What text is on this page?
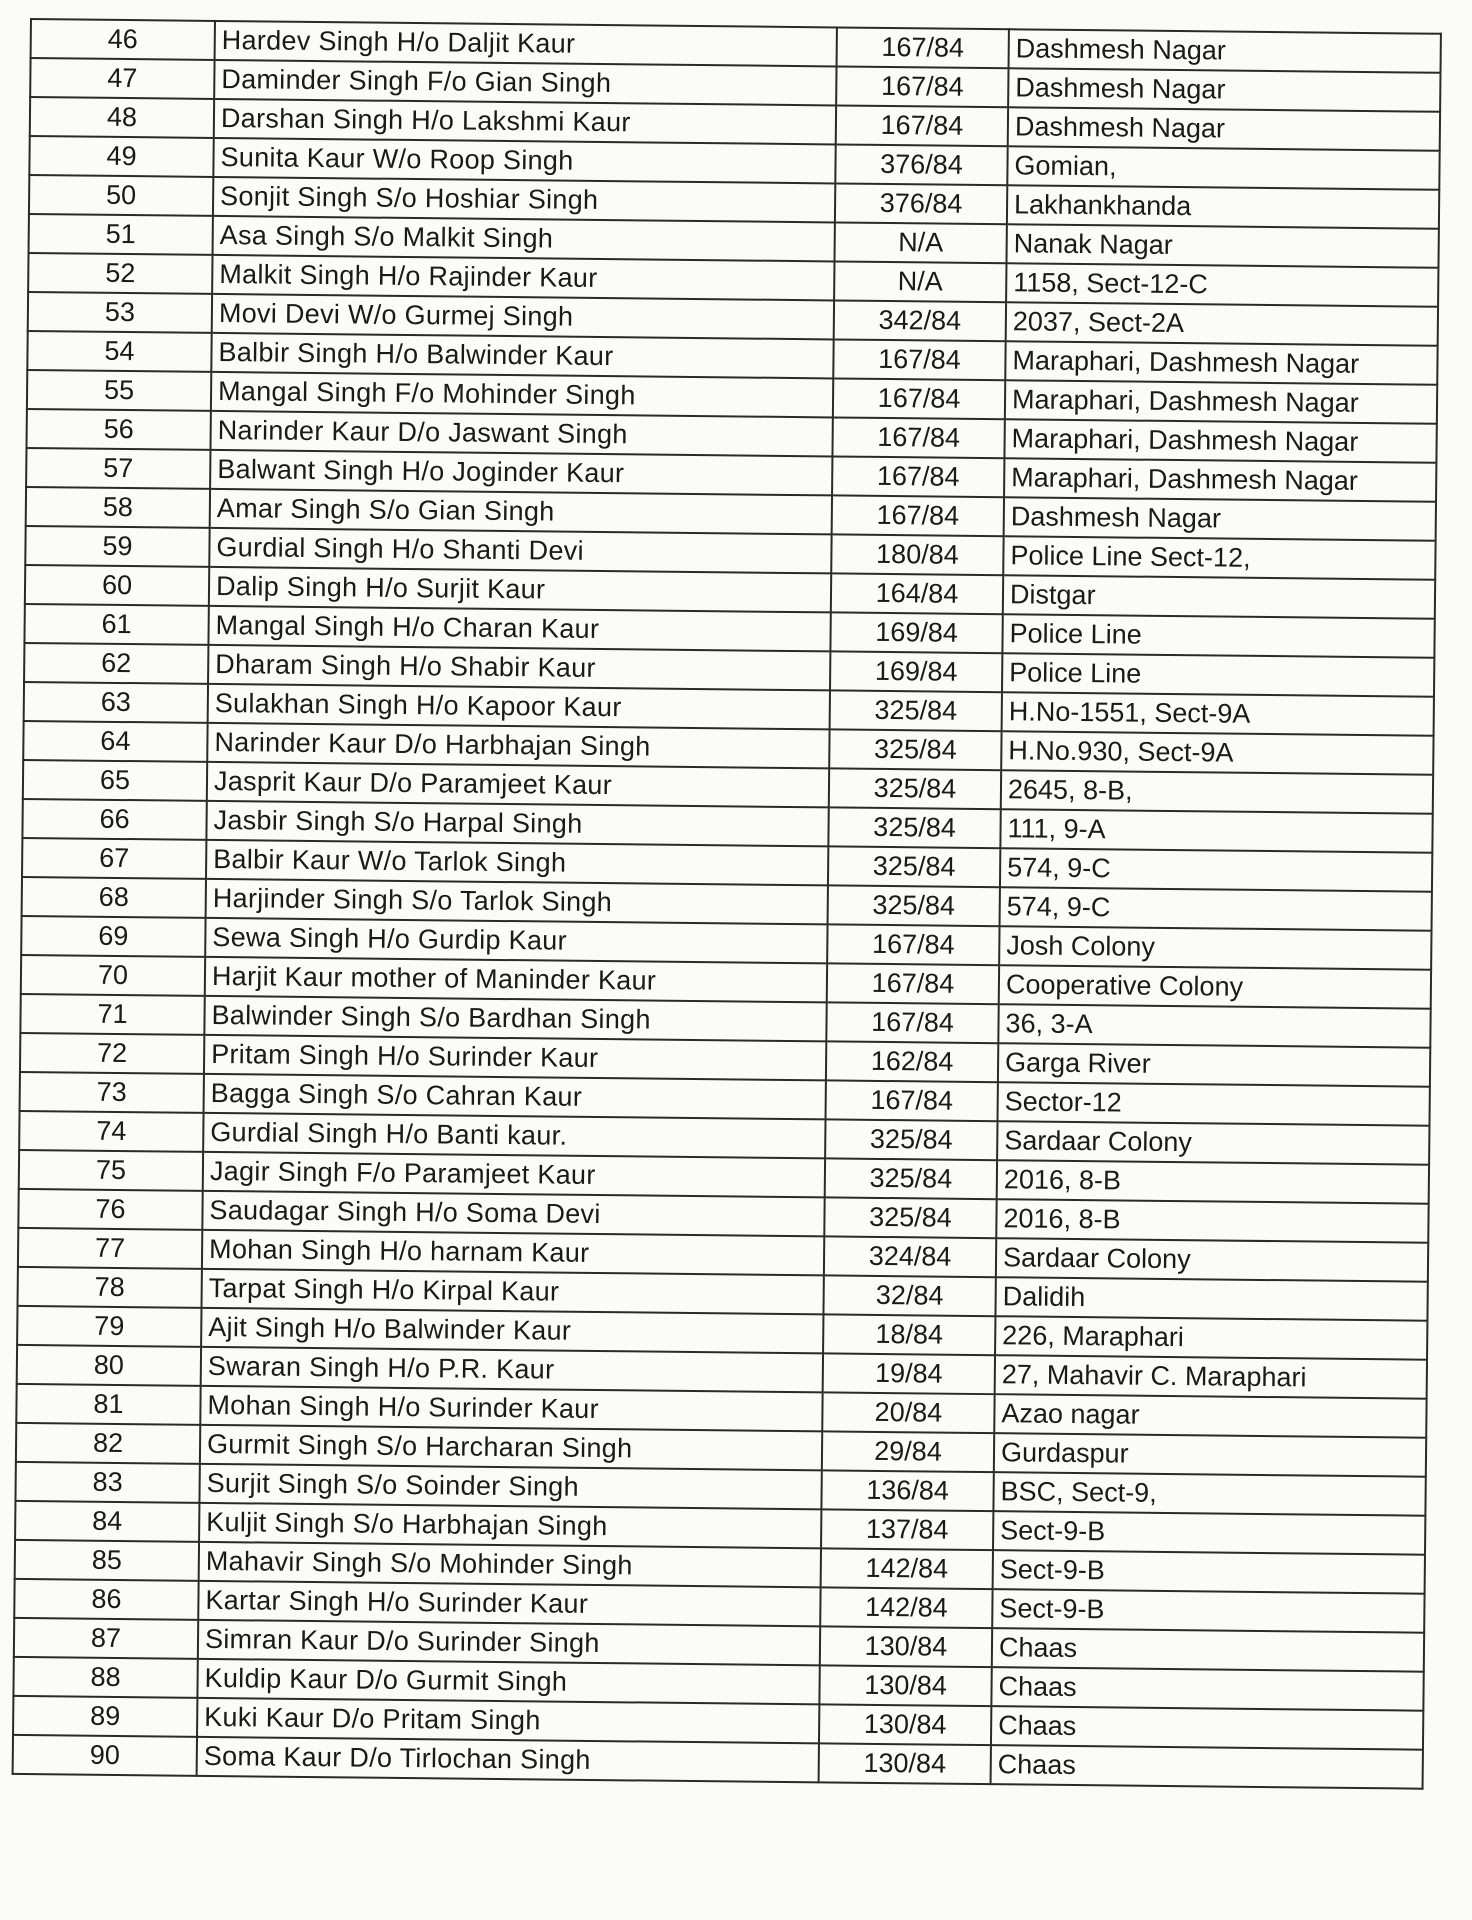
46	Hardev Singh H/o Daljit Kaur	167/84	Dashmesh Nagar
47	Daminder Singh F/o Gian Singh	167/84	Dashmesh Nagar
48	Darshan Singh H/o Lakshmi Kaur	167/84	Dashmesh Nagar
49	Sunita Kaur W/o Roop Singh	376/84	Gomian,
50	Sonjit Singh S/o Hoshiar Singh	376/84	Lakhankhanda
51	Asa Singh S/o Malkit Singh	N/A	Nanak Nagar
52	Malkit Singh H/o Rajinder Kaur	N/A	1158, Sect-12-C
53	Movi Devi W/o Gurmej Singh	342/84	2037, Sect-2A
54	Balbir Singh H/o Balwinder Kaur	167/84	Maraphari, Dashmesh Nagar
55	Mangal Singh F/o Mohinder Singh	167/84	Maraphari, Dashmesh Nagar
56	Narinder Kaur D/o Jaswant Singh	167/84	Maraphari, Dashmesh Nagar
57	Balwant Singh H/o Joginder Kaur	167/84	Maraphari, Dashmesh Nagar
58	Amar Singh S/o Gian Singh	167/84	Dashmesh Nagar
59	Gurdial Singh H/o Shanti Devi	180/84	Police Line Sect-12,
60	Dalip Singh H/o Surjit Kaur	164/84	Distgar
61	Mangal Singh H/o Charan Kaur	169/84	Police Line
62	Dharam Singh H/o Shabir Kaur	169/84	Police Line
63	Sulakhan Singh H/o Kapoor Kaur	325/84	H.No-1551, Sect-9A
64	Narinder Kaur D/o Harbhajan Singh	325/84	H.No.930, Sect-9A
65	Jasprit Kaur D/o Paramjeet Kaur	325/84	2645, 8-B,
66	Jasbir Singh S/o Harpal Singh	325/84	111, 9-A
67	Balbir Kaur W/o Tarlok Singh	325/84	574, 9-C
68	Harjinder Singh S/o Tarlok Singh	325/84	574, 9-C
69	Sewa Singh H/o Gurdip Kaur	167/84	Josh Colony
70	Harjit Kaur mother of Maninder Kaur	167/84	Cooperative Colony
71	Balwinder Singh S/o Bardhan Singh	167/84	36, 3-A
72	Pritam Singh H/o Surinder Kaur	162/84	Garga River
73	Bagga Singh S/o Cahran Kaur	167/84	Sector-12
74	Gurdial Singh H/o Banti kaur.	325/84	Sardaar Colony
75	Jagir Singh F/o Paramjeet Kaur	325/84	2016, 8-B
76	Saudagar Singh H/o Soma Devi	325/84	2016, 8-B
77	Mohan Singh H/o harnam Kaur	324/84	Sardaar Colony
78	Tarpat Singh H/o Kirpal Kaur	32/84	Dalidih
79	Ajit Singh H/o Balwinder Kaur	18/84	226, Maraphari
80	Swaran Singh H/o P.R. Kaur	19/84	27, Mahavir C. Maraphari
81	Mohan Singh H/o Surinder Kaur	20/84	Azao nagar
82	Gurmit Singh S/o Harcharan Singh	29/84	Gurdaspur
83	Surjit Singh S/o Soinder Singh	136/84	BSC, Sect-9,
84	Kuljit Singh S/o Harbhajan Singh	137/84	Sect-9-B
85	Mahavir Singh S/o Mohinder Singh	142/84	Sect-9-B
86	Kartar Singh H/o Surinder Kaur	142/84	Sect-9-B
87	Simran Kaur D/o Surinder Singh	130/84	Chaas
88	Kuldip Kaur D/o Gurmit Singh	130/84	Chaas
89	Kuki Kaur D/o Pritam Singh	130/84	Chaas
90	Soma Kaur D/o Tirlochan Singh	130/84	Chaas
